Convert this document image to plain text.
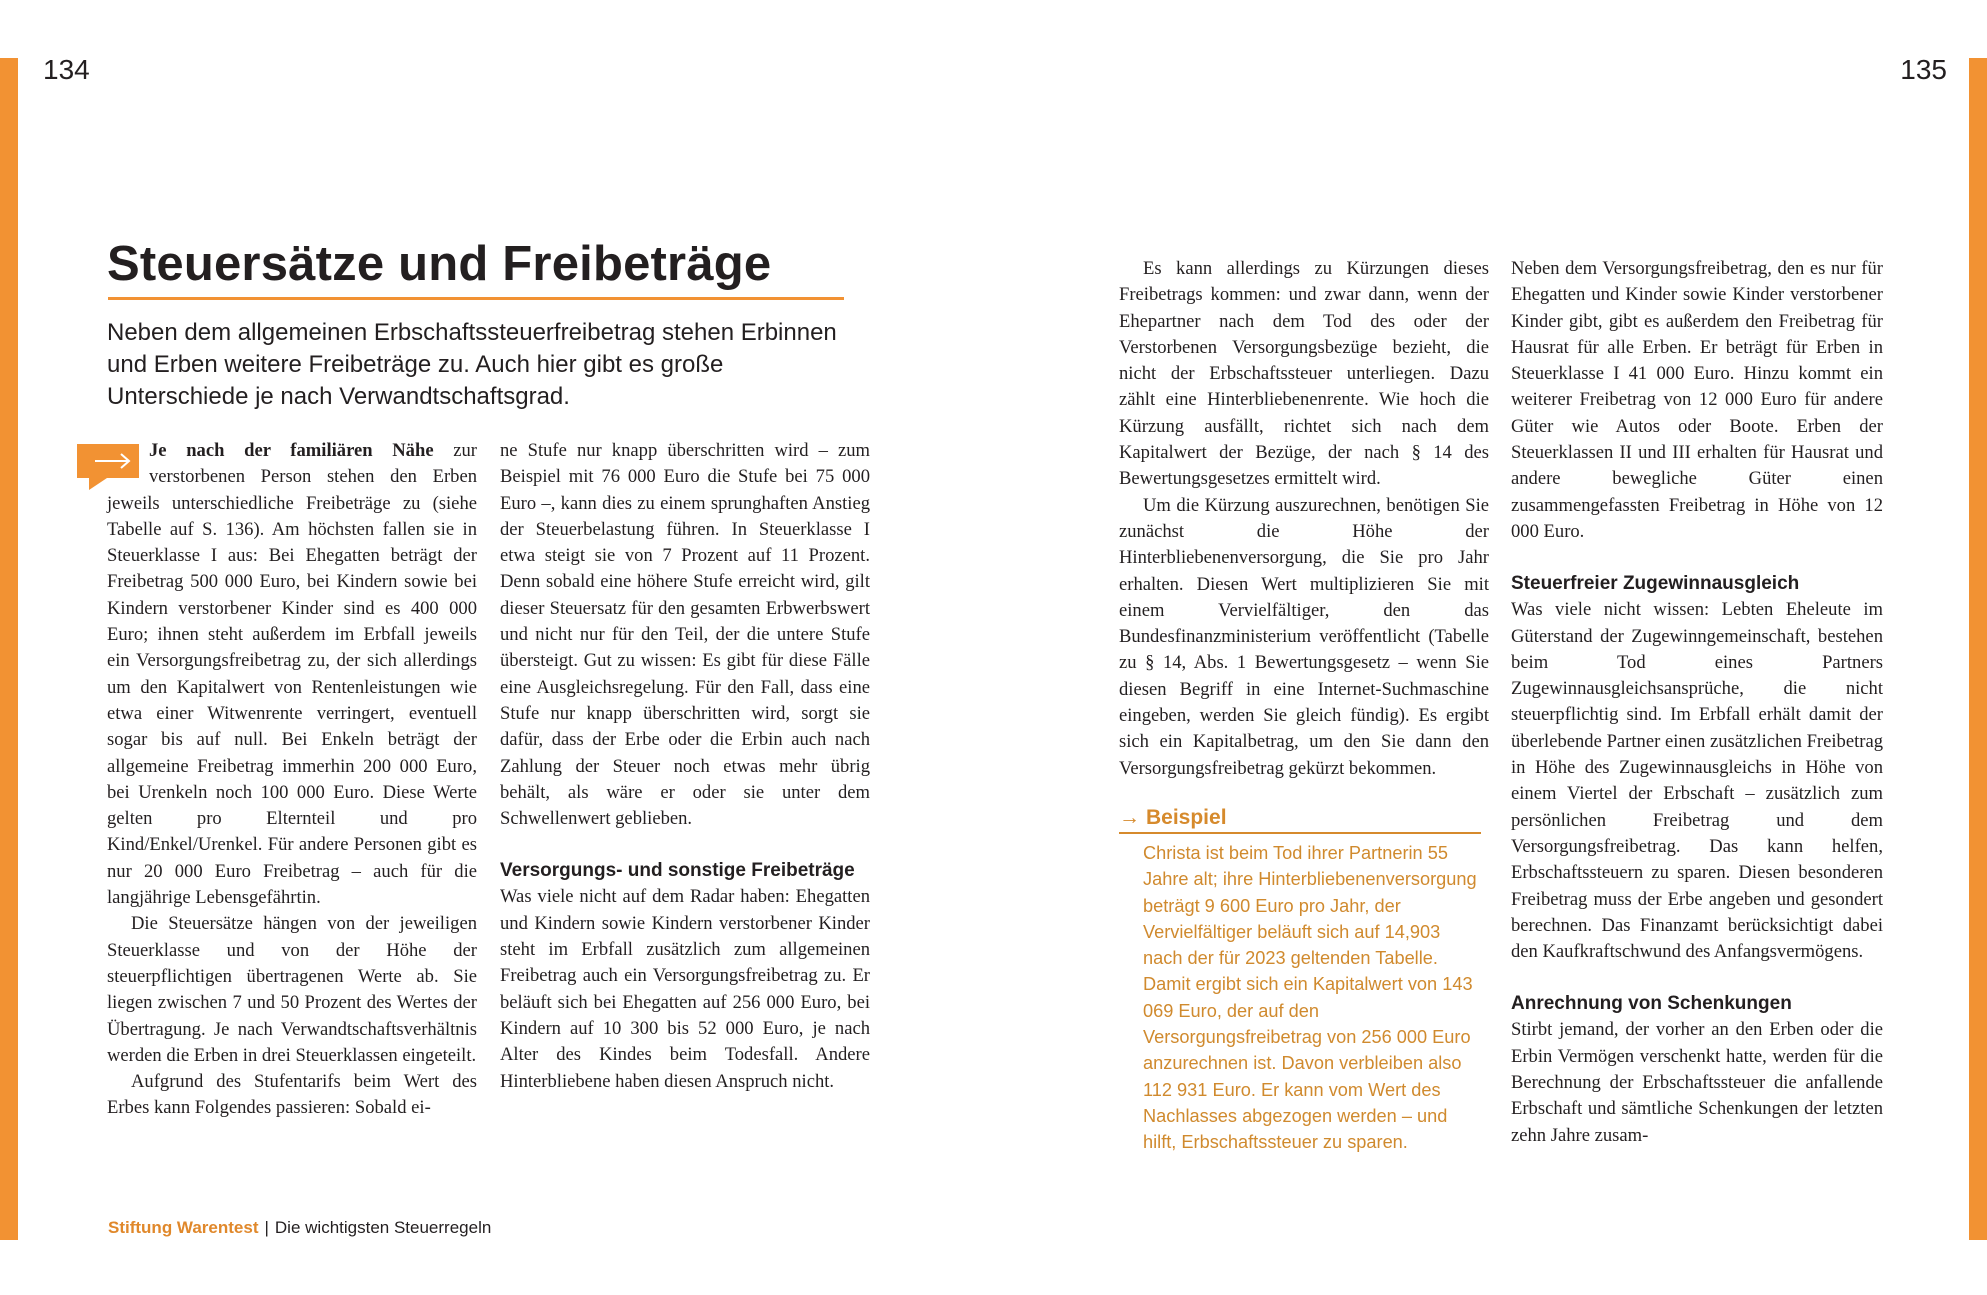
134	135
Steuersätze und Freibeträge

Neben dem allgemeinen Erbschaftssteuerfreibetrag stehen Erbinnen und Erben weitere Freibeträge zu. Auch hier gibt es große Unterschiede je nach Verwandtschaftsgrad.

Je nach der familiären Nähe zur verstorbenen Person stehen den Erben jeweils unterschiedliche Freibeträge zu (siehe Tabelle auf S. 136). Am höchsten fallen sie in Steuerklasse I aus: Bei Ehegatten beträgt der Freibetrag 500 000 Euro, bei Kindern sowie bei Kindern verstorbener Kinder sind es 400 000 Euro; ihnen steht außerdem im Erbfall jeweils ein Versorgungsfreibetrag zu, der sich allerdings um den Kapitalwert von Rentenleistungen wie etwa einer Witwenrente verringert, eventuell sogar bis auf null. Bei Enkeln beträgt der allgemeine Freibetrag immerhin 200 000 Euro, bei Urenkeln noch 100 000 Euro. Diese Werte gelten pro Elternteil und pro Kind/Enkel/Urenkel. Für andere Personen gibt es nur 20 000 Euro Freibetrag – auch für die langjährige Lebensgefährtin.

Die Steuersätze hängen von der jeweiligen Steuerklasse und von der Höhe der steuerpflichtigen übertragenen Werte ab. Sie liegen zwischen 7 und 50 Prozent des Wertes der Übertragung. Je nach Verwandtschaftsverhältnis werden die Erben in drei Steuerklassen eingeteilt.

Aufgrund des Stufentarifs beim Wert des Erbes kann Folgendes passieren: Sobald ei-

ne Stufe nur knapp überschritten wird – zum Beispiel mit 76 000 Euro die Stufe bei 75 000 Euro –, kann dies zu einem sprunghaften Anstieg der Steuerbelastung führen. In Steuerklasse I etwa steigt sie von 7 Prozent auf 11 Prozent. Denn sobald eine höhere Stufe erreicht wird, gilt dieser Steuersatz für den gesamten Erbwerbswert und nicht nur für den Teil, der die untere Stufe übersteigt. Gut zu wissen: Es gibt für diese Fälle eine Ausgleichsregelung. Für den Fall, dass eine Stufe nur knapp überschritten wird, sorgt sie dafür, dass der Erbe oder die Erbin auch nach Zahlung der Steuer noch etwas mehr übrig behält, als wäre er oder sie unter dem Schwellenwert geblieben.

Versorgungs- und sonstige Freibeträge

Was viele nicht auf dem Radar haben: Ehegatten und Kindern sowie Kindern verstorbener Kinder steht im Erbfall zusätzlich zum allgemeinen Freibetrag auch ein Versorgungsfreibetrag zu. Er beläuft sich bei Ehegatten auf 256 000 Euro, bei Kindern auf 10 300 bis 52 000 Euro, je nach Alter des Kindes beim Todesfall. Andere Hinterbliebene haben diesen Anspruch nicht.

Es kann allerdings zu Kürzungen dieses Freibetrags kommen: und zwar dann, wenn der Ehepartner nach dem Tod des oder der Verstorbenen Versorgungsbezüge bezieht, die nicht der Erbschaftssteuer unterliegen. Dazu zählt eine Hinterbliebenenrente. Wie hoch die Kürzung ausfällt, richtet sich nach dem Kapitalwert der Bezüge, der nach § 14 des Bewertungsgesetzes ermittelt wird.

Um die Kürzung auszurechnen, benötigen Sie zunächst die Höhe der Hinterbliebenenversorgung, die Sie pro Jahr erhalten. Diesen Wert multiplizieren Sie mit einem Vervielfältiger, den das Bundesfinanzministerium veröffentlicht (Tabelle zu § 14, Abs. 1 Bewertungsgesetz – wenn Sie diesen Begriff in eine Internet-Suchmaschine eingeben, werden Sie gleich fündig). Es ergibt sich ein Kapitalbetrag, um den Sie dann den Versorgungsfreibetrag gekürzt bekommen.

→ Beispiel

Christa ist beim Tod ihrer Partnerin 55 Jahre alt; ihre Hinterbliebenenversorgung beträgt 9 600 Euro pro Jahr, der Vervielfältiger beläuft sich auf 14,903 nach der für 2023 geltenden Tabelle. Damit ergibt sich ein Kapitalwert von 143 069 Euro, der auf den Versorgungsfreibetrag von 256 000 Euro anzurechnen ist. Davon verbleiben also 112 931 Euro. Er kann vom Wert des Nachlasses abgezogen werden – und hilft, Erbschaftssteuer zu sparen.

Neben dem Versorgungsfreibetrag, den es nur für Ehegatten und Kinder sowie Kinder verstorbener Kinder gibt, gibt es außerdem den Freibetrag für Hausrat für alle Erben. Er beträgt für Erben in Steuerklasse I 41 000 Euro. Hinzu kommt ein weiterer Freibetrag von 12 000 Euro für andere Güter wie Autos oder Boote. Erben der Steuerklassen II und III erhalten für Hausrat und andere bewegliche Güter einen zusammengefassten Freibetrag in Höhe von 12 000 Euro.

Steuerfreier Zugewinnausgleich

Was viele nicht wissen: Lebten Eheleute im Güterstand der Zugewinngemeinschaft, bestehen beim Tod eines Partners Zugewinnausgleichsansprüche, die nicht steuerpflichtig sind. Im Erbfall erhält damit der überlebende Partner einen zusätzlichen Freibetrag in Höhe des Zugewinnausgleichs in Höhe von einem Viertel der Erbschaft – zusätzlich zum persönlichen Freibetrag und dem Versorgungsfreibetrag. Das kann helfen, Erbschaftssteuern zu sparen. Diesen besonderen Freibetrag muss der Erbe angeben und gesondert berechnen. Das Finanzamt berücksichtigt dabei den Kaufkraftschwund des Anfangsvermögens.

Anrechnung von Schenkungen

Stirbt jemand, der vorher an den Erben oder die Erbin Vermögen verschenkt hatte, werden für die Berechnung der Erbschaftssteuer die anfallende Erbschaft und sämtliche Schenkungen der letzten zehn Jahre zusam-

Stiftung Warentest | Die wichtigsten Steuerregeln
